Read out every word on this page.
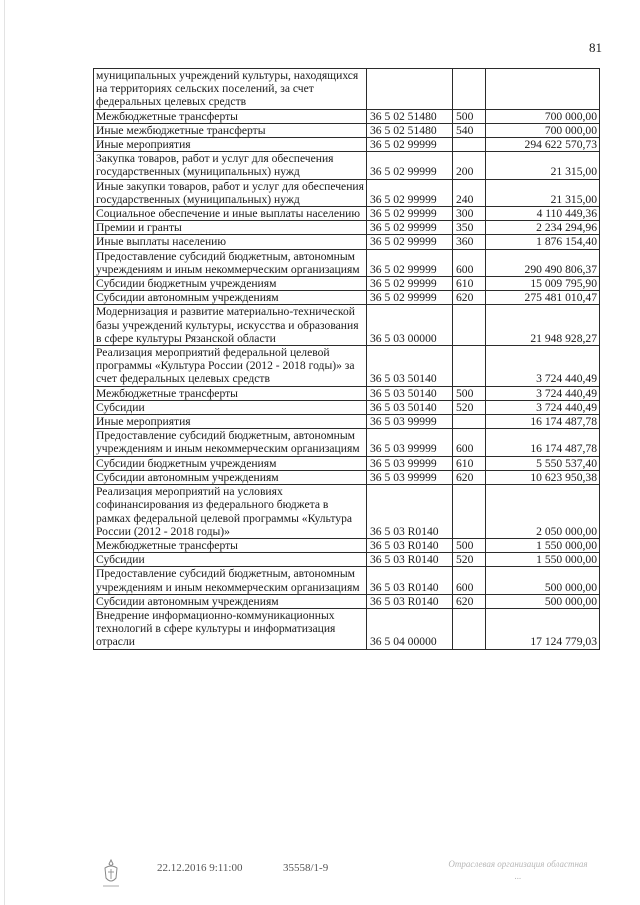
81
муниципальных учреждений культуры, находящихся на территориях сельских поселений, за счет федеральных целевых средств			
Межбюджетные трансферты	36 5 02 51480	500	700 000,00
Иные межбюджетные трансферты	36 5 02 51480	540	700 000,00
Иные мероприятия	36 5 02 99999		294 622 570,73
Закупка товаров, работ и услуг для обеспечения государственных (муниципальных) нужд	36 5 02 99999	200	21 315,00
Иные закупки товаров, работ и услуг для обеспечения государственных (муниципальных) нужд	36 5 02 99999	240	21 315,00
Социальное обеспечение и иные выплаты населению	36 5 02 99999	300	4 110 449,36
Премии и гранты	36 5 02 99999	350	2 234 294,96
Иные выплаты населению	36 5 02 99999	360	1 876 154,40
Предоставление субсидий бюджетным, автономным учреждениям и иным некоммерческим организациям	36 5 02 99999	600	290 490 806,37
Субсидии бюджетным учреждениям	36 5 02 99999	610	15 009 795,90
Субсидии автономным учреждениям	36 5 02 99999	620	275 481 010,47
Модернизация и развитие материально-технической базы учреждений культуры, искусства и образования в сфере культуры Рязанской области	36 5 03 00000		21 948 928,27
Реализация мероприятий федеральной целевой программы «Культура России (2012 - 2018 годы)» за счет федеральных целевых средств	36 5 03 50140		3 724 440,49
Межбюджетные трансферты	36 5 03 50140	500	3 724 440,49
Субсидии	36 5 03 50140	520	3 724 440,49
Иные мероприятия	36 5 03 99999		16 174 487,78
Предоставление субсидий бюджетным, автономным учреждениям и иным некоммерческим организациям	36 5 03 99999	600	16 174 487,78
Субсидии бюджетным учреждениям	36 5 03 99999	610	5 550 537,40
Субсидии автономным учреждениям	36 5 03 99999	620	10 623 950,38
Реализация мероприятий на условиях софинансирования из федерального бюджета в рамках федеральной целевой программы «Культура России (2012 - 2018 годы)»	36 5 03 R0140		2 050 000,00
Межбюджетные трансферты	36 5 03 R0140	500	1 550 000,00
Субсидии	36 5 03 R0140	520	1 550 000,00
Предоставление субсидий бюджетным, автономным учреждениям и иным некоммерческим организациям	36 5 03 R0140	600	500 000,00
Субсидии автономным учреждениям	36 5 03 R0140	620	500 000,00
Внедрение информационно-коммуникационных технологий в сфере культуры и информатизация отрасли	36 5 04 00000		17 124 779,03
22.12.2016 9:11:00	35558/1-9	Отраслевая организация областная ...
